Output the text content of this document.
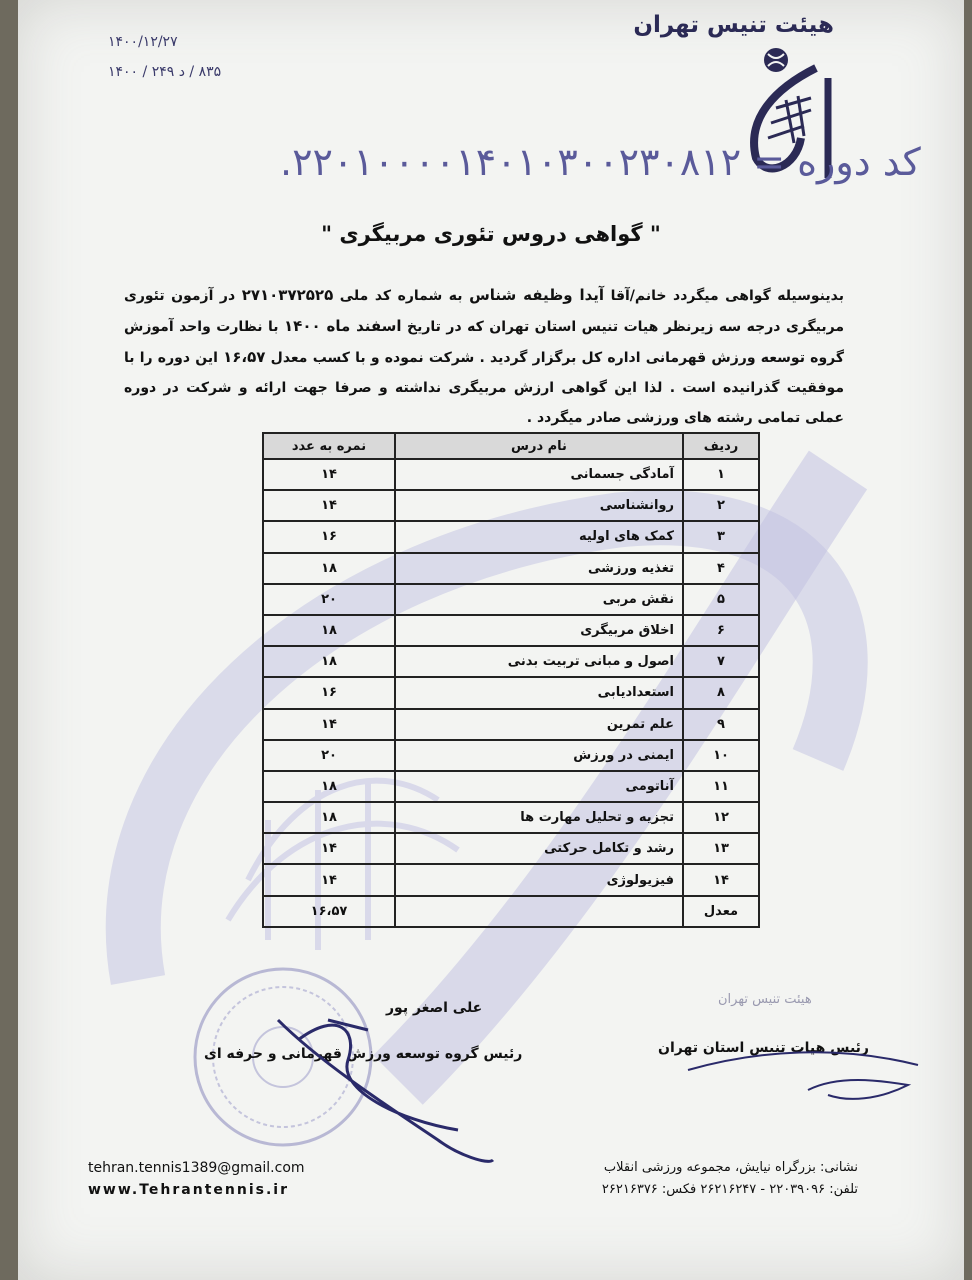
هیئت تنیس تهران
۱۴۰۰/۱۲/۲۷
۸۳۵ / د ۲۴۹ / ۱۴۰۰
کد دوره = ۲۲۰۱۰۰۰۰۱۴۰۱۰۳۰۰۲۳۰۸۱۲.
" گواهی دروس تئوری مربیگری "
بدینوسیله گواهی میگردد خانم/آقا آیدا وظیفه شناس به شماره کد ملی ۲۷۱۰۳۷۲۵۲۵ در آزمون تئوری مربیگری درجه سه زیرنظر هیات تنیس استان تهران که در تاریخ اسفند ماه ۱۴۰۰ با نظارت واحد آموزش گروه توسعه ورزش قهرمانی اداره کل برگزار گردید . شرکت نموده و با کسب معدل ۱۶،۵۷ این دوره را با موفقیت گذرانیده است . لذا این گواهی ارزش مربیگری نداشته و صرفا جهت ارائه و شرکت در دوره عملی تمامی رشته های ورزشی صادر میگردد .
ردیف	نام درس	نمره به عدد
۱	آمادگی جسمانی	۱۴
۲	روانشناسی	۱۴
۳	کمک های اولیه	۱۶
۴	تغذیه ورزشی	۱۸
۵	نقش مربی	۲۰
۶	اخلاق مربیگری	۱۸
۷	اصول و مبانی تربیت بدنی	۱۸
۸	استعدادیابی	۱۶
۹	علم تمرین	۱۴
۱۰	ایمنی در ورزش	۲۰
۱۱	آناتومی	۱۸
۱۲	تجزیه و تحلیل مهارت ها	۱۸
۱۳	رشد و تکامل حرکتی	۱۴
۱۴	فیزیولوژی	۱۴
معدل		۱۶،۵۷
علی اصغر پور
رئیس گروه توسعه ورزش قهرمانی و حرفه ای
هیئت تنیس تهران
رئیس هیات تنیس استان تهران
tehran.tennis1389@gmail.com
www.Tehrantennis.ir
نشانی: بزرگراه نیایش، مجموعه ورزشی انقلاب
تلفن: ۲۲۰۳۹۰۹۶ - ۲۶۲۱۶۲۴۷ فکس: ۲۶۲۱۶۳۷۶
